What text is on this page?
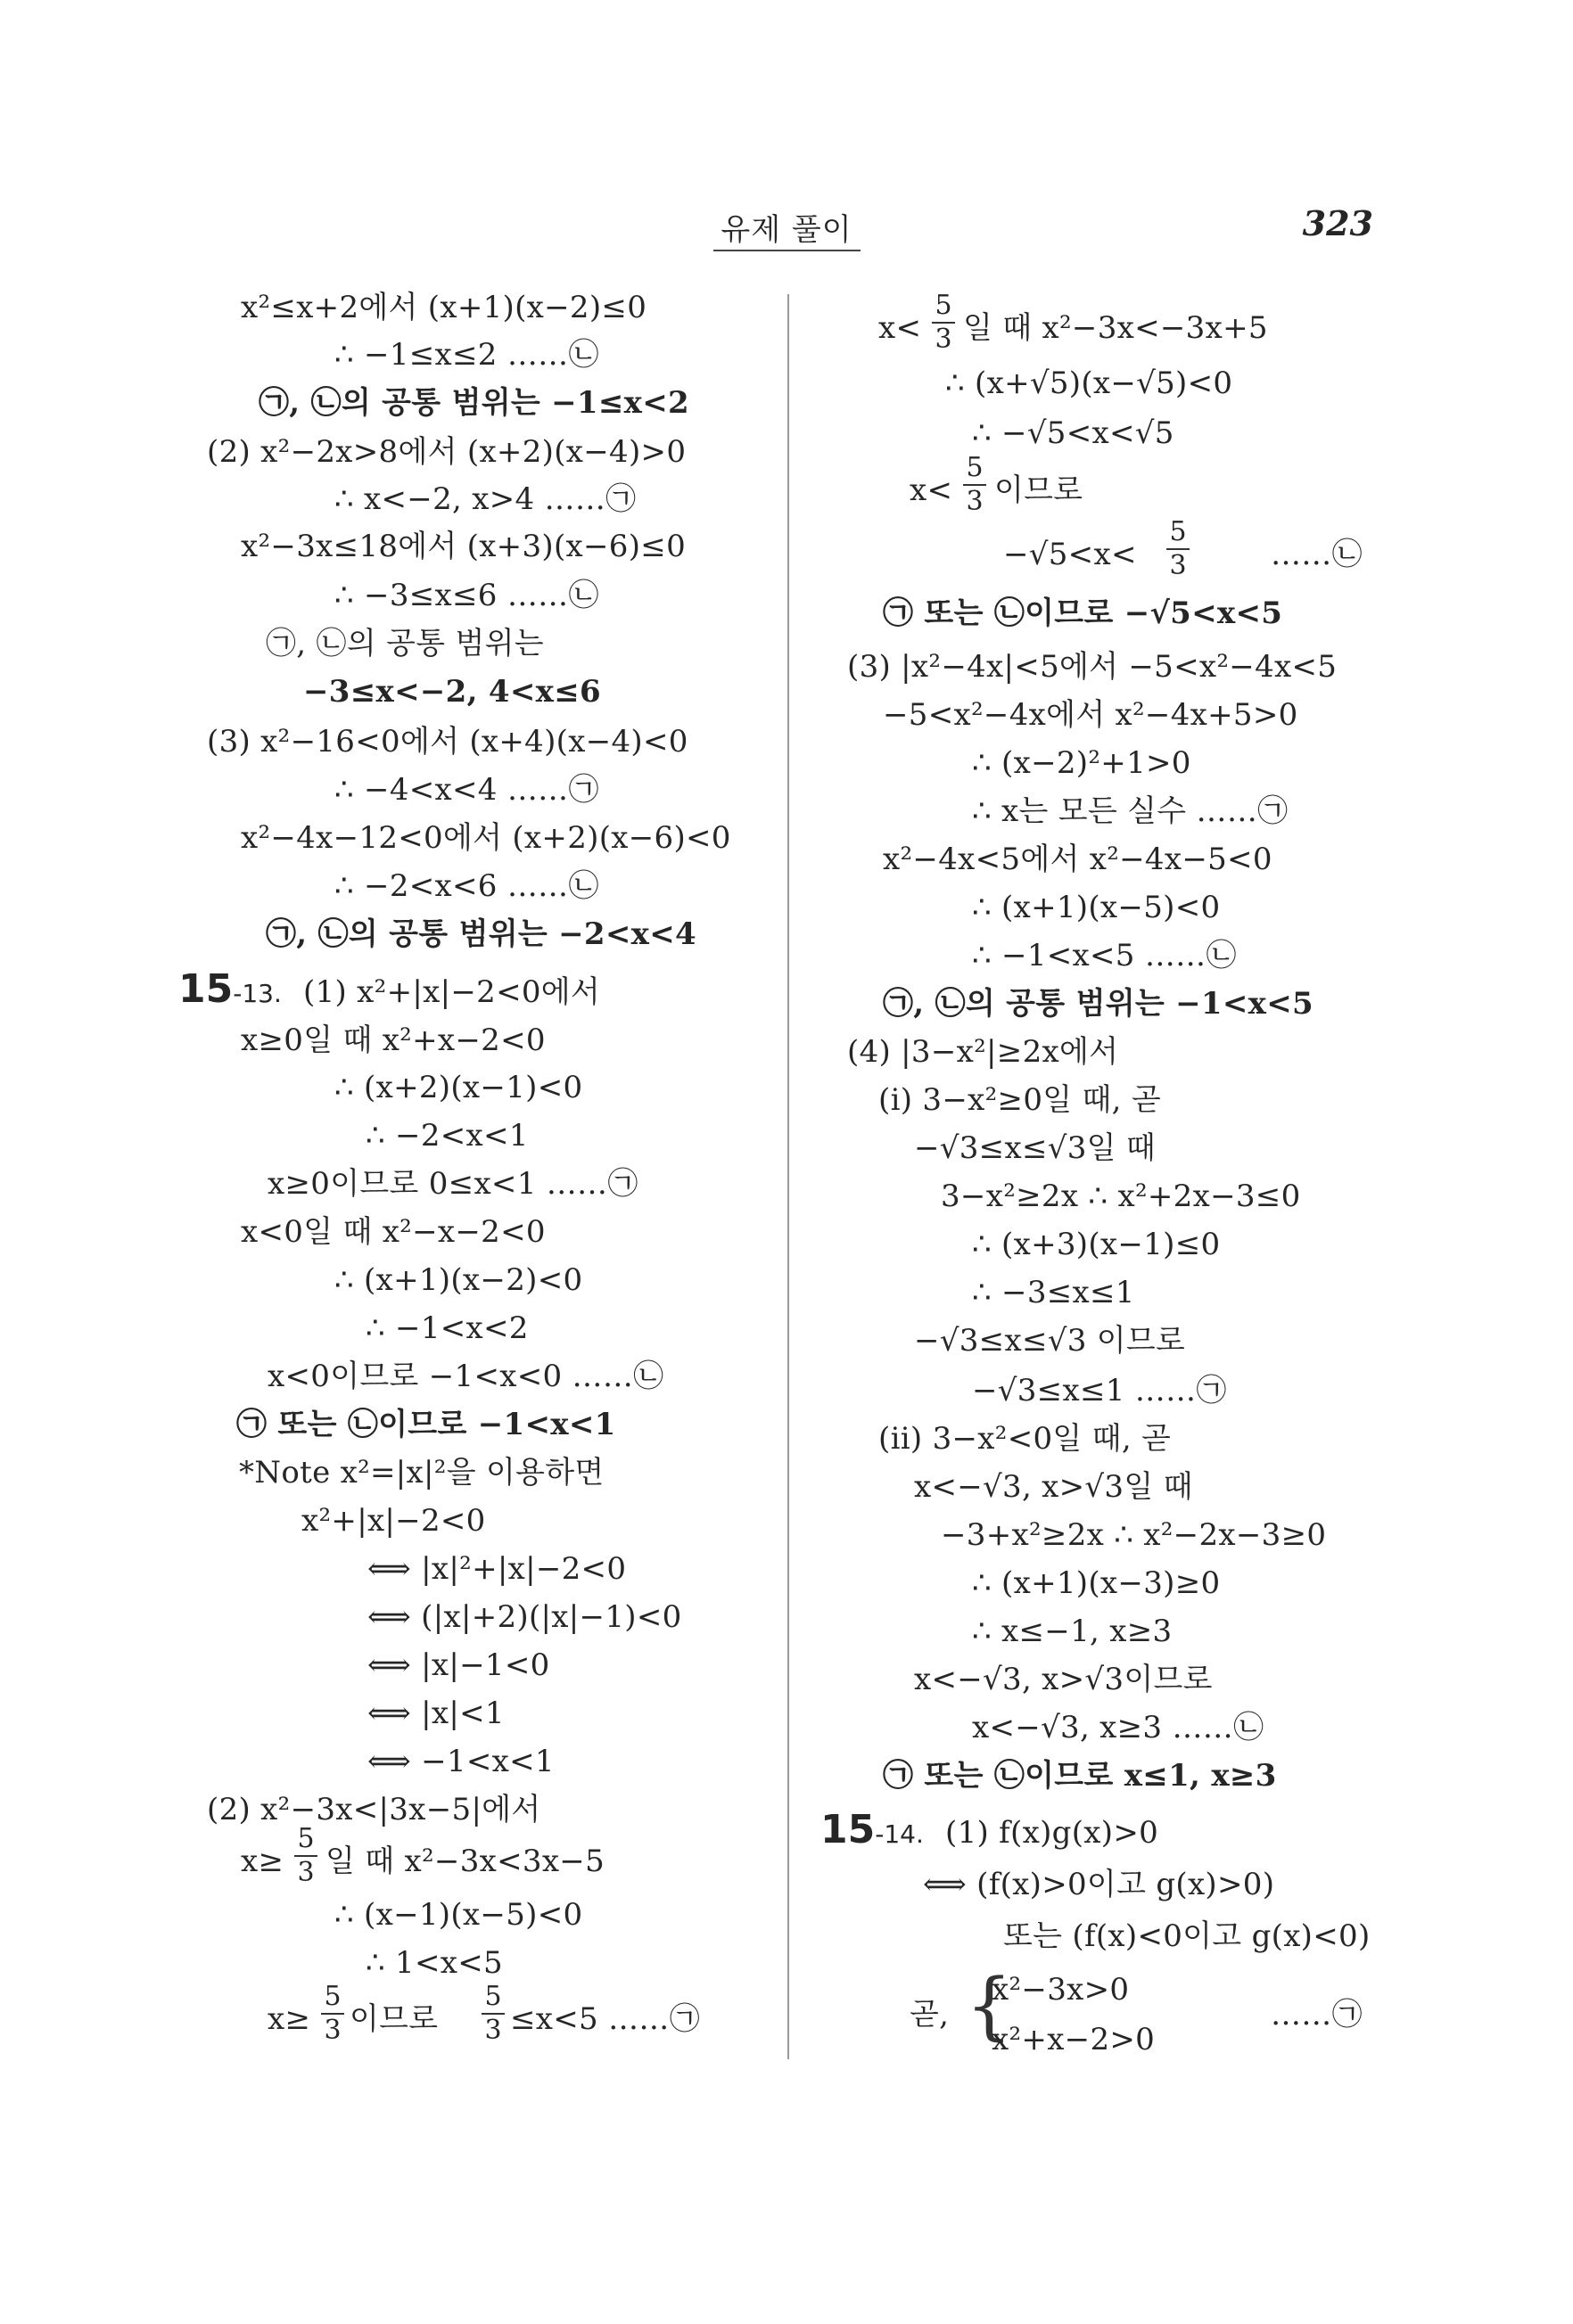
유제 풀이	323
x²≤x+2에서 (x+1)(x−2)≤0
∴ −1≤x≤2 ……㉡
㉠, ㉡의 공통 범위는 −1≤x<2
(2) x²−2x>8에서 (x+2)(x−4)>0
∴ x<−2, x>4 ……㉠
x²−3x≤18에서 (x+3)(x−6)≤0
∴ −3≤x≤6 ……㉡
㉠, ㉡의 공통 범위는
−3≤x<−2, 4<x≤6
(3) x²−16<0에서 (x+4)(x−4)<0
∴ −4<x<4 ……㉠
x²−4x−12<0에서 (x+2)(x−6)<0
∴ −2<x<6 ……㉡
㉠, ㉡의 공통 범위는 −2<x<4
15-13. (1) x²+|x|−2<0에서
x≥0일 때 x²+x−2<0
∴ (x+2)(x−1)<0
∴ −2<x<1
x≥0이므로 0≤x<1 ……㉠
x<0일 때 x²−x−2<0
∴ (x+1)(x−2)<0
∴ −1<x<2
x<0이므로 −1<x<0 ……㉡
㉠ 또는 ㉡이므로 −1<x<1
*Note x²=|x|²을 이용하면
x²+|x|−2<0
⟺ |x|²+|x|−2<0
⟺ (|x|+2)(|x|−1)<0
⟺ |x|−1<0
⟺ |x|<1
⟺ −1<x<1
(2) x²−3x<|3x−5|에서
x≥
5
3 일 때 x²−3x<3x−5
∴ (x−1)(x−5)<0
∴ 1<x<5
x≥
5
3 이므로
5
3 ≤x<5 ……㉠
x<
5
3 일 때 x²−3x<−3x+5
∴ (x+√5)(x−√5)<0
∴ −√5<x<√5
x<
5
3 이므로
−√5<x<
5
3	……㉡
㉠ 또는 ㉡이므로 −√5<x<5
(3) |x²−4x|<5에서 −5<x²−4x<5
−5<x²−4x에서 x²−4x+5>0
∴ (x−2)²+1>0
∴ x는 모든 실수 ……㉠
x²−4x<5에서 x²−4x−5<0
∴ (x+1)(x−5)<0
∴ −1<x<5 ……㉡
㉠, ㉡의 공통 범위는 −1<x<5
(4) |3−x²|≥2x에서
(i) 3−x²≥0일 때, 곧
−√3≤x≤√3일 때
3−x²≥2x ∴ x²+2x−3≤0
∴ (x+3)(x−1)≤0
∴ −3≤x≤1
−√3≤x≤√3 이므로
−√3≤x≤1 ……㉠
(ii) 3−x²<0일 때, 곧
x<−√3, x>√3일 때
−3+x²≥2x ∴ x²−2x−3≥0
∴ (x+1)(x−3)≥0
∴ x≤−1, x≥3
x<−√3, x>√3이므로
x<−√3, x≥3 ……㉡
㉠ 또는 ㉡이므로 x≤1, x≥3
15-14. (1) f(x)g(x)>0
⟺ (f(x)>0이고 g(x)>0)
또는 (f(x)<0이고 g(x)<0)
곧, {
x²−3x>0
x²+x−2>0
……㉠
